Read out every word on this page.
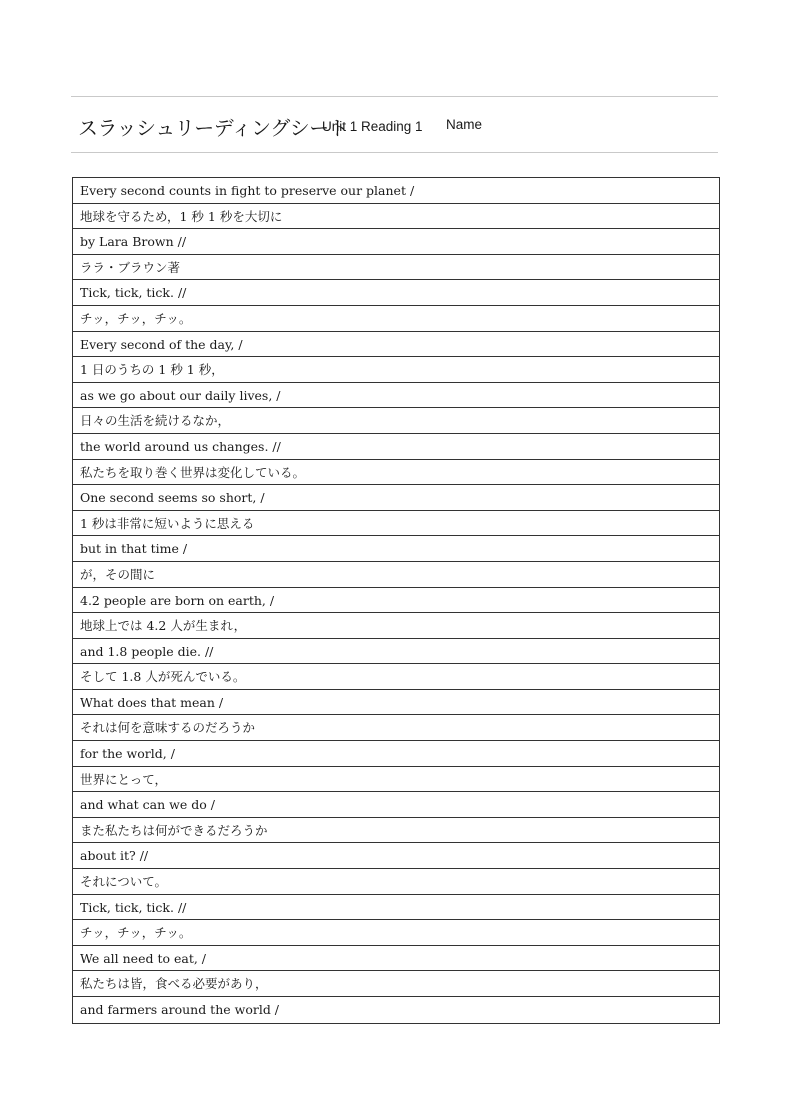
スラッシュリーディングシート
Unit 1 Reading 1 Name
Every second counts in fight to preserve our planet /
地球を守るため，1 秒 1 秒を大切に
by Lara Brown //
ララ・ブラウン著
Tick, tick, tick. //
チッ，チッ，チッ。
Every second of the day, /
1 日のうちの 1 秒 1 秒，
as we go about our daily lives, /
日々の生活を続けるなか，
the world around us changes. //
私たちを取り巻く世界は変化している。
One second seems so short, /
1 秒は非常に短いように思える
but in that time /
が，その間に
4.2 people are born on earth, /
地球上では 4.2 人が生まれ，
and 1.8 people die. //
そして 1.8 人が死んでいる。
What does that mean /
それは何を意味するのだろうか
for the world, /
世界にとって，
and what can we do /
また私たちは何ができるだろうか
about it? //
それについて。
Tick, tick, tick. //
チッ，チッ，チッ。
We all need to eat, /
私たちは皆，食べる必要があり，
and farmers around the world /
